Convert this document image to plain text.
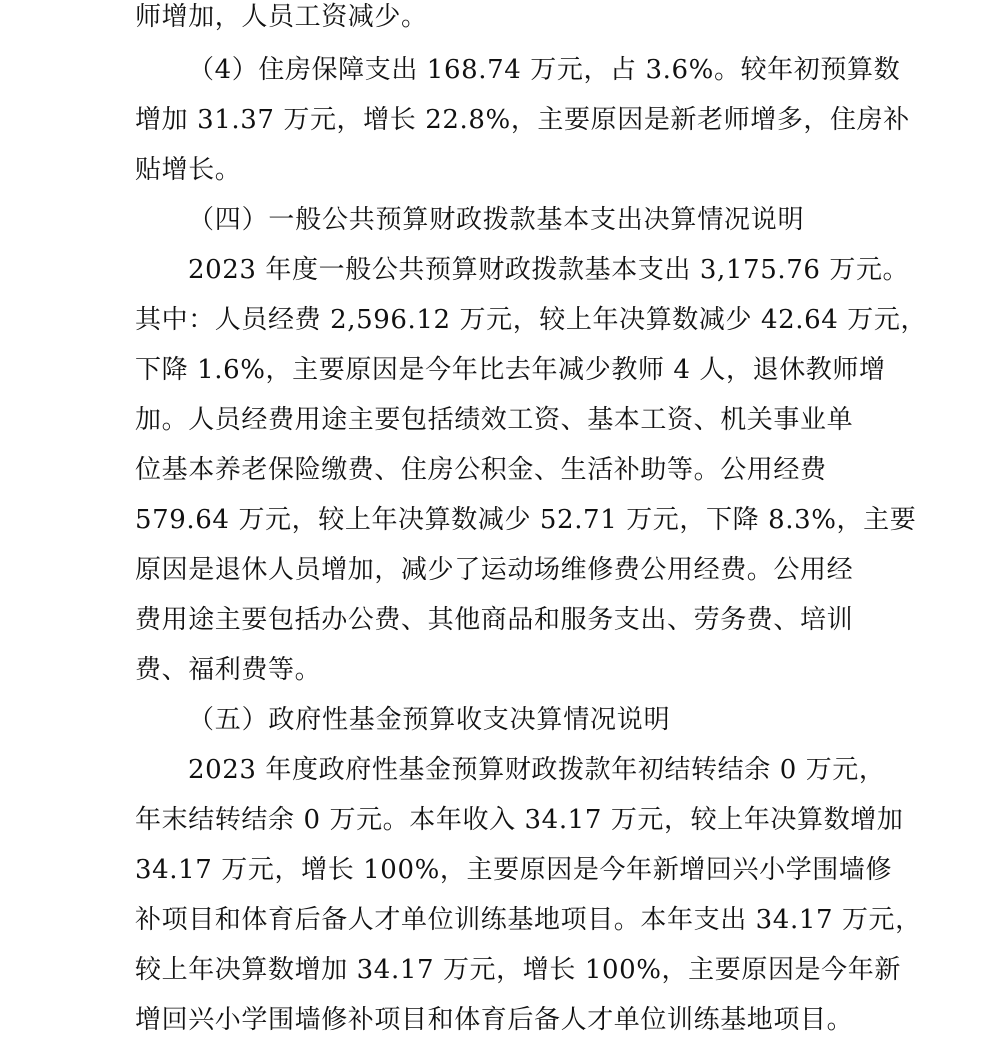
师增加，人员工资减少。
（4）住房保障支出 168.74 万元，占 3.6%。较年初预算数
增加 31.37 万元，增长 22.8%，主要原因是新老师增多，住房补
贴增长。
（四）一般公共预算财政拨款基本支出决算情况说明
2023 年度一般公共预算财政拨款基本支出 3,175.76 万元。
其中：人员经费 2,596.12 万元，较上年决算数减少 42.64 万元，
下降 1.6%，主要原因是今年比去年减少教师 4 人，退休教师增
加。人员经费用途主要包括绩效工资、基本工资、机关事业单
位基本养老保险缴费、住房公积金、生活补助等。公用经费
579.64 万元，较上年决算数减少 52.71 万元，下降 8.3%，主要
原因是退休人员增加，减少了运动场维修费公用经费。公用经
费用途主要包括办公费、其他商品和服务支出、劳务费、培训
费、福利费等。
（五）政府性基金预算收支决算情况说明
2023 年度政府性基金预算财政拨款年初结转结余 0 万元，
年末结转结余 0 万元。本年收入 34.17 万元，较上年决算数增加
34.17 万元，增长 100%，主要原因是今年新增回兴小学围墙修
补项目和体育后备人才单位训练基地项目。本年支出 34.17 万元，
较上年决算数增加 34.17 万元，增长 100%，主要原因是今年新
增回兴小学围墙修补项目和体育后备人才单位训练基地项目。
